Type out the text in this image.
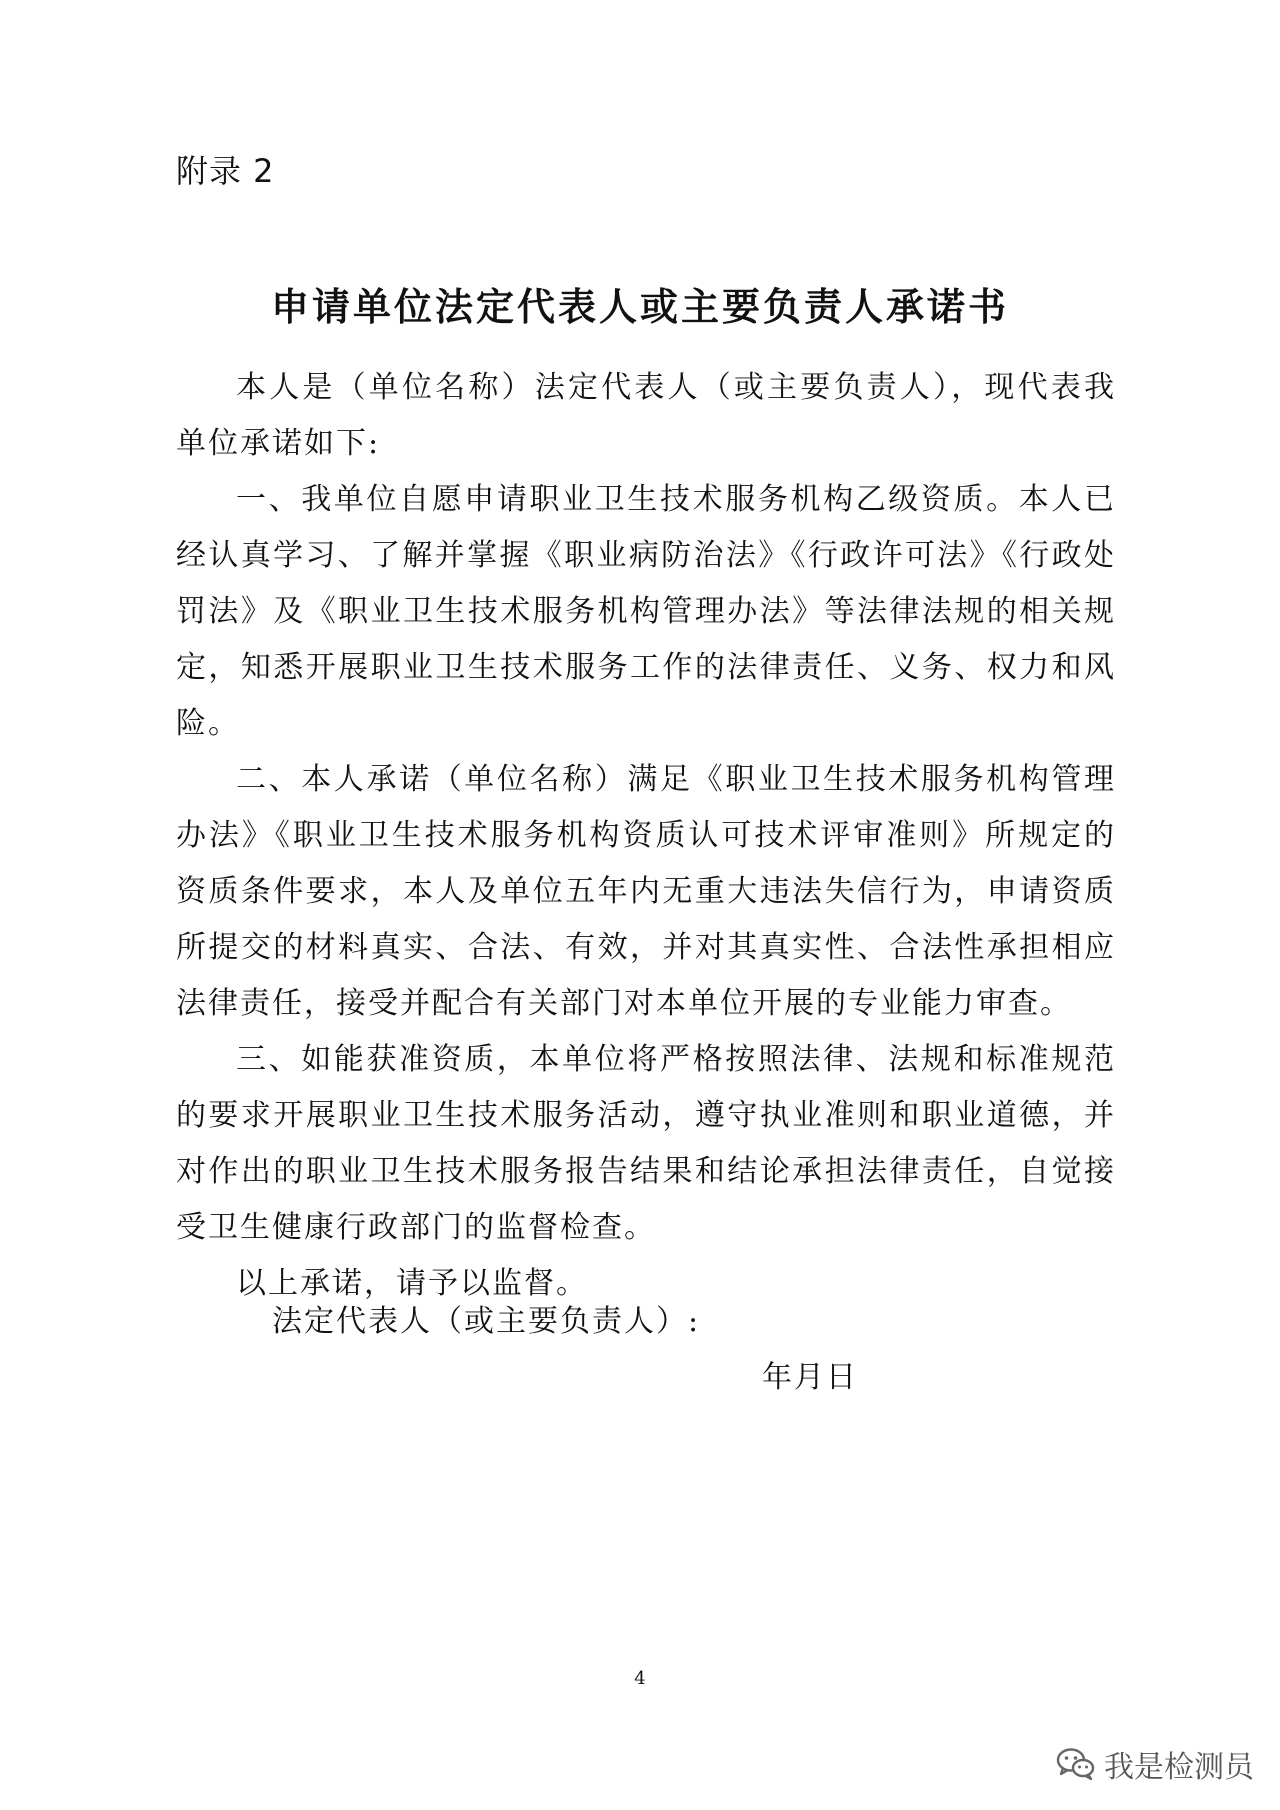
附录 2
申请单位法定代表人或主要负责人承诺书

本人是（单位名称）法定代表人（或主要负责人），现代表我单位承诺如下:

一、我单位自愿申请职业卫生技术服务机构乙级资质。本人已经认真学习、了解并掌握《职业病防治法》《行政许可法》《行政处罚法》及《职业卫生技术服务机构管理办法》等法律法规的相关规定，知悉开展职业卫生技术服务工作的法律责任、义务、权力和风险。

二、本人承诺（单位名称）满足《职业卫生技术服务机构管理办法》《职业卫生技术服务机构资质认可技术评审准则》所规定的资质条件要求，本人及单位五年内无重大违法失信行为，申请资质所提交的材料真实、合法、有效，并对其真实性、合法性承担相应法律责任，接受并配合有关部门对本单位开展的专业能力审查。

三、如能获准资质，本单位将严格按照法律、法规和标准规范的要求开展职业卫生技术服务活动，遵守执业准则和职业道德，并对作出的职业卫生技术服务报告结果和结论承担法律责任，自觉接受卫生健康行政部门的监督检查。

以上承诺，请予以监督。

法定代表人（或主要负责人）:
年月日
4
我是检测员
